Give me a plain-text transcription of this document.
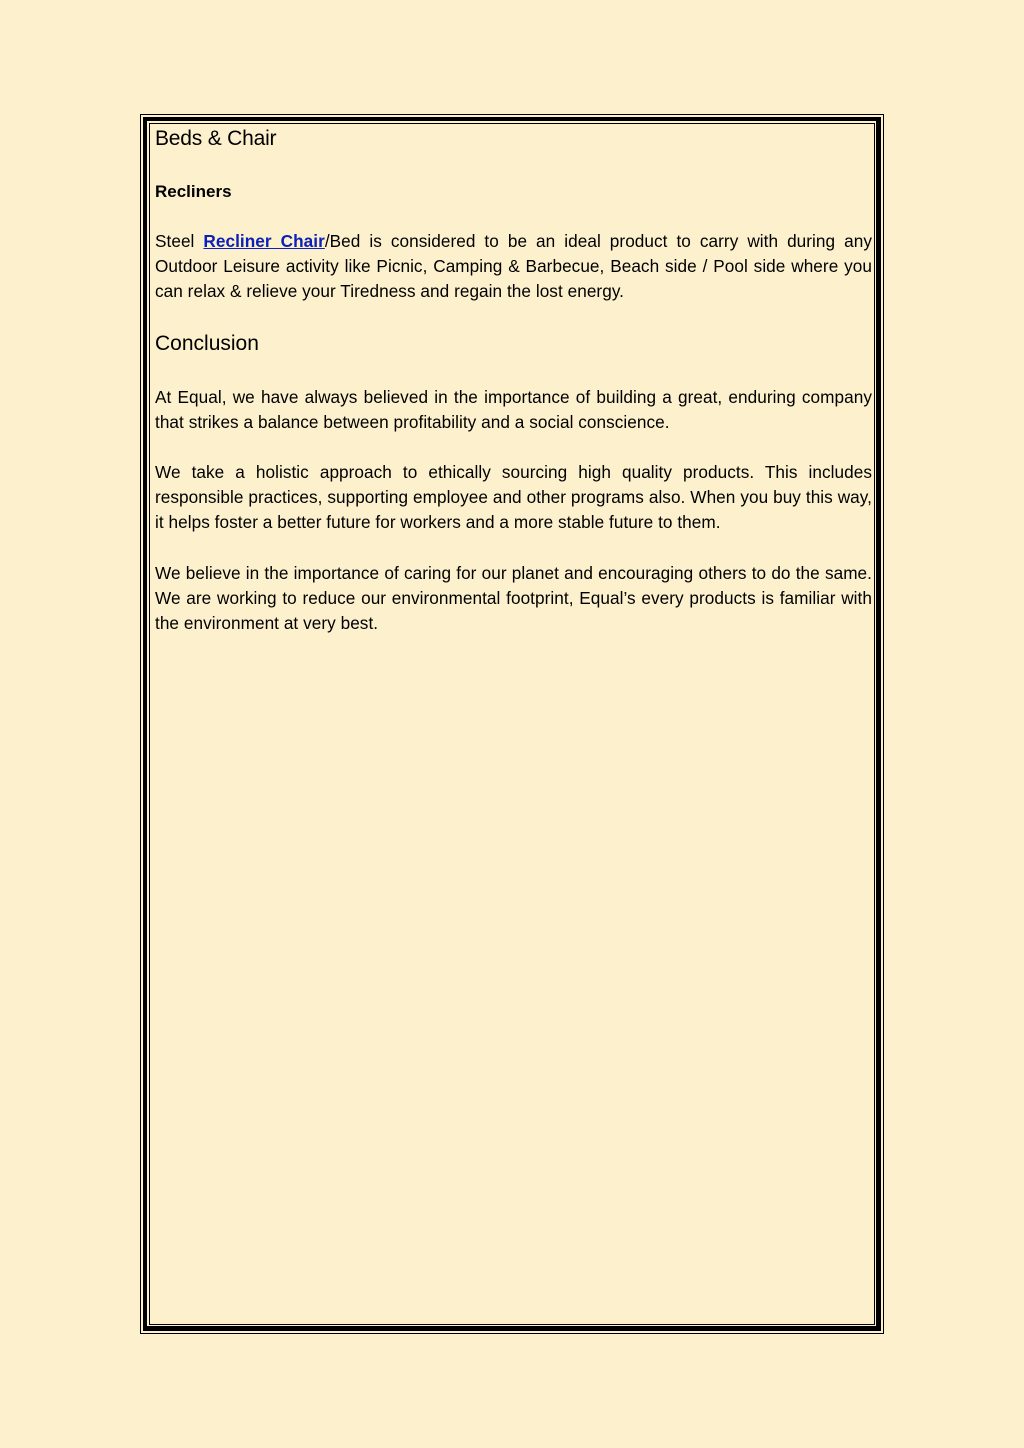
Beds & Chair
Recliners

Steel Recliner Chair/Bed is considered to be an ideal product to carry with during any Outdoor Leisure activity like Picnic, Camping & Barbecue, Beach side / Pool side where you can relax & relieve your Tiredness and regain the lost energy.

Conclusion

At Equal, we have always believed in the importance of building a great, enduring company that strikes a balance between profitability and a social conscience.

We take a holistic approach to ethically sourcing high quality products. This includes responsible practices, supporting employee and other programs also. When you buy this way, it helps foster a better future for workers and a more stable future to them.

We believe in the importance of caring for our planet and encouraging others to do the same. We are working to reduce our environmental footprint, Equal’s every products is familiar with the environment at very best.
